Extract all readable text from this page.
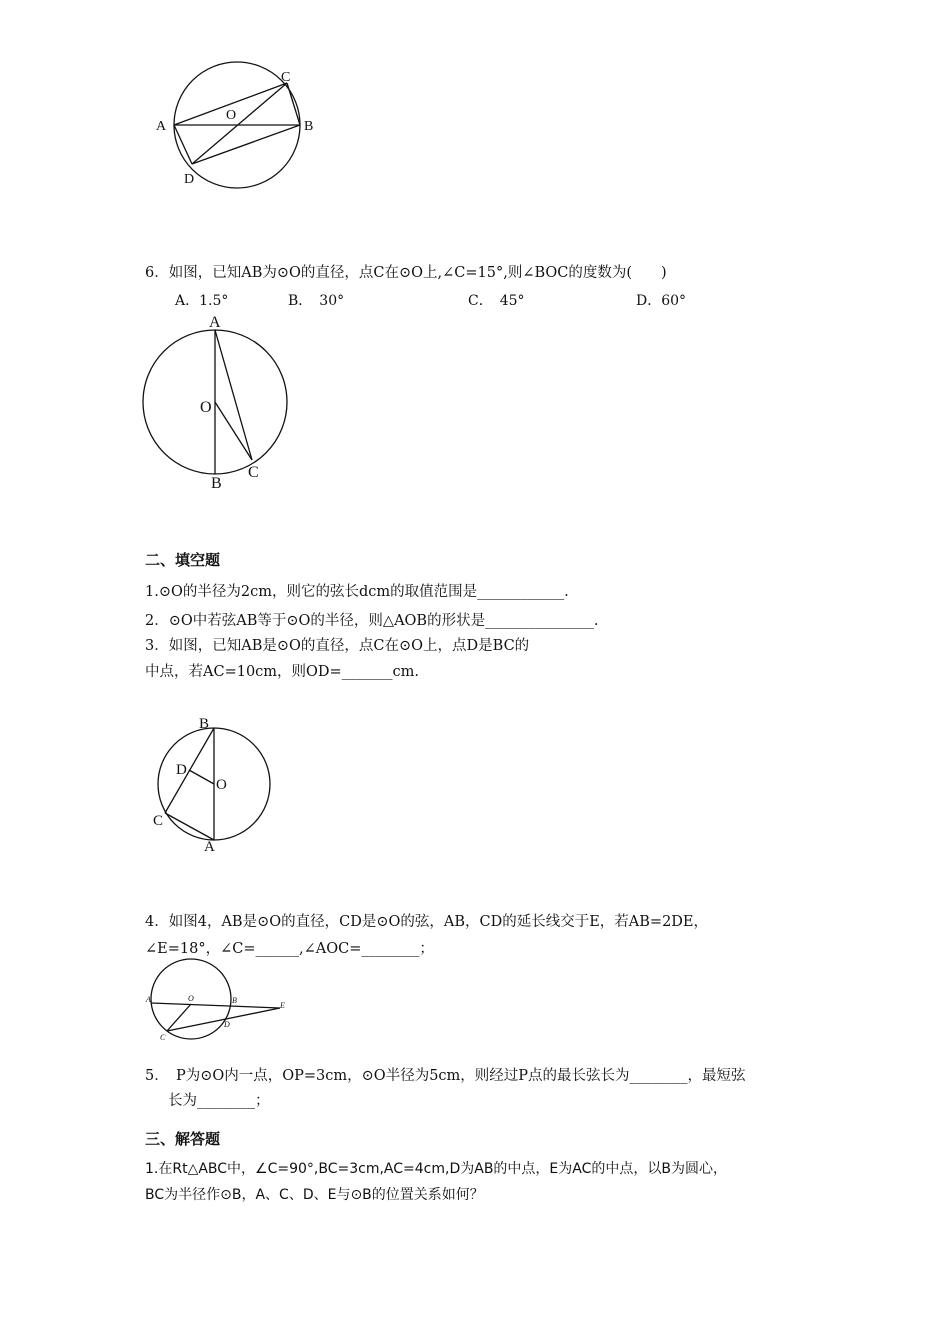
A	B
C
D
O
6．如图，已知AB为⊙O的直径，点C在⊙O上,∠C=15°,则∠BOC的度数为(　　)
A．1.5°	B．　30°	C．　45°	D．60°
A
B
C
O
二、填空题
1.⊙O的半径为2cm，则它的弦长dcm的取值范围是____________.
2．⊙O中若弦AB等于⊙O的半径，则△AOB的形状是_______________.
3．如图，已知AB是⊙O的直径，点C在⊙O上，点D是BC的
中点，若AC=10cm，则OD=_______cm.
B
D
O
C
A
4．如图4，AB是⊙O的直径，CD是⊙O的弦，AB，CD的延长线交于E，若AB=2DE，
∠E=18°，∠C=______,∠AOC=________；
A	O	B
E
C
D
5．　P为⊙O内一点，OP=3cm，⊙O半径为5cm，则经过P点的最长弦长为________，最短弦
长为________；
三、解答题
1.在Rt△ABC中，∠C=90°,BC=3cm,AC=4cm,D为AB的中点，E为AC的中点，以B为圆心，
BC为半径作⊙B，A、C、D、E与⊙B的位置关系如何？
